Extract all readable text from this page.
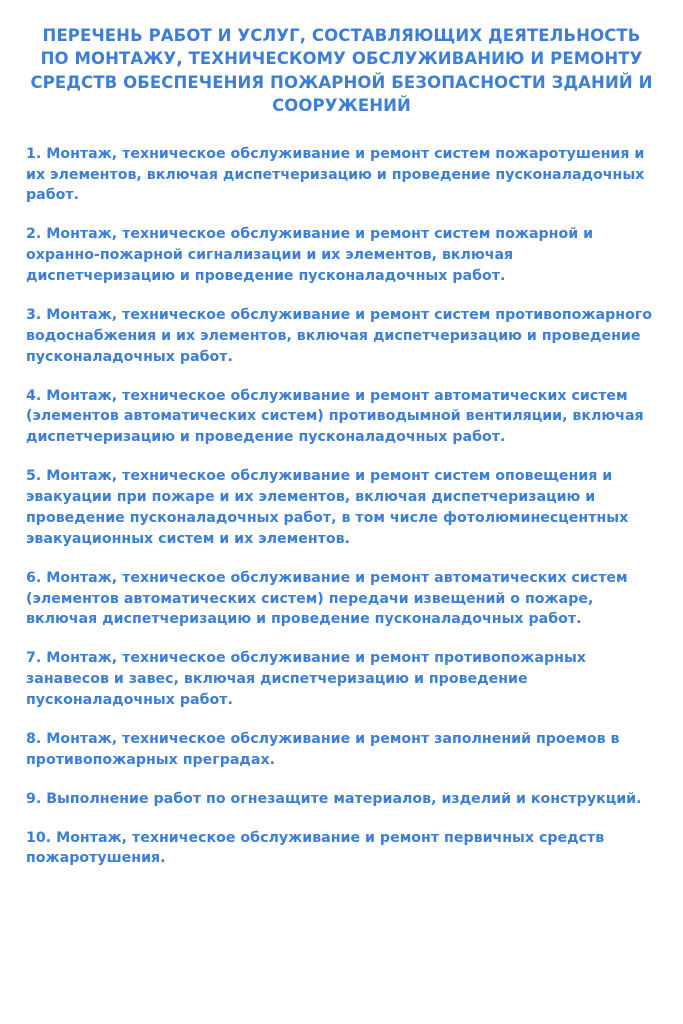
ПЕРЕЧЕНЬ РАБОТ И УСЛУГ, СОСТАВЛЯЮЩИХ ДЕЯТЕЛЬНОСТЬ ПО МОНТАЖУ, ТЕХНИЧЕСКОМУ ОБСЛУЖИВАНИЮ И РЕМОНТУ СРЕДСТВ ОБЕСПЕЧЕНИЯ ПОЖАРНОЙ БЕЗОПАСНОСТИ ЗДАНИЙ И СООРУЖЕНИЙ
1. Монтаж, техническое обслуживание и ремонт систем пожаротушения и их элементов, включая диспетчеризацию и проведение пусконаладочных работ.
2. Монтаж, техническое обслуживание и ремонт систем пожарной и охранно-пожарной сигнализации и их элементов, включая диспетчеризацию и проведение пусконаладочных работ.
3. Монтаж, техническое обслуживание и ремонт систем противопожарного водоснабжения и их элементов, включая диспетчеризацию и проведение пусконаладочных работ.
4. Монтаж, техническое обслуживание и ремонт автоматических систем (элементов автоматических систем) противодымной вентиляции, включая диспетчеризацию и проведение пусконаладочных работ.
5. Монтаж, техническое обслуживание и ремонт систем оповещения и эвакуации при пожаре и их элементов, включая диспетчеризацию и проведение пусконаладочных работ, в том числе фотолюминесцентных эвакуационных систем и их элементов.
6. Монтаж, техническое обслуживание и ремонт автоматических систем (элементов автоматических систем) передачи извещений о пожаре, включая диспетчеризацию и проведение пусконаладочных работ.
7. Монтаж, техническое обслуживание и ремонт противопожарных занавесов и завес, включая диспетчеризацию и проведение пусконаладочных работ.
8. Монтаж, техническое обслуживание и ремонт заполнений проемов в противопожарных преградах.
9. Выполнение работ по огнезащите материалов, изделий и конструкций.
10. Монтаж, техническое обслуживание и ремонт первичных средств пожаротушения.
